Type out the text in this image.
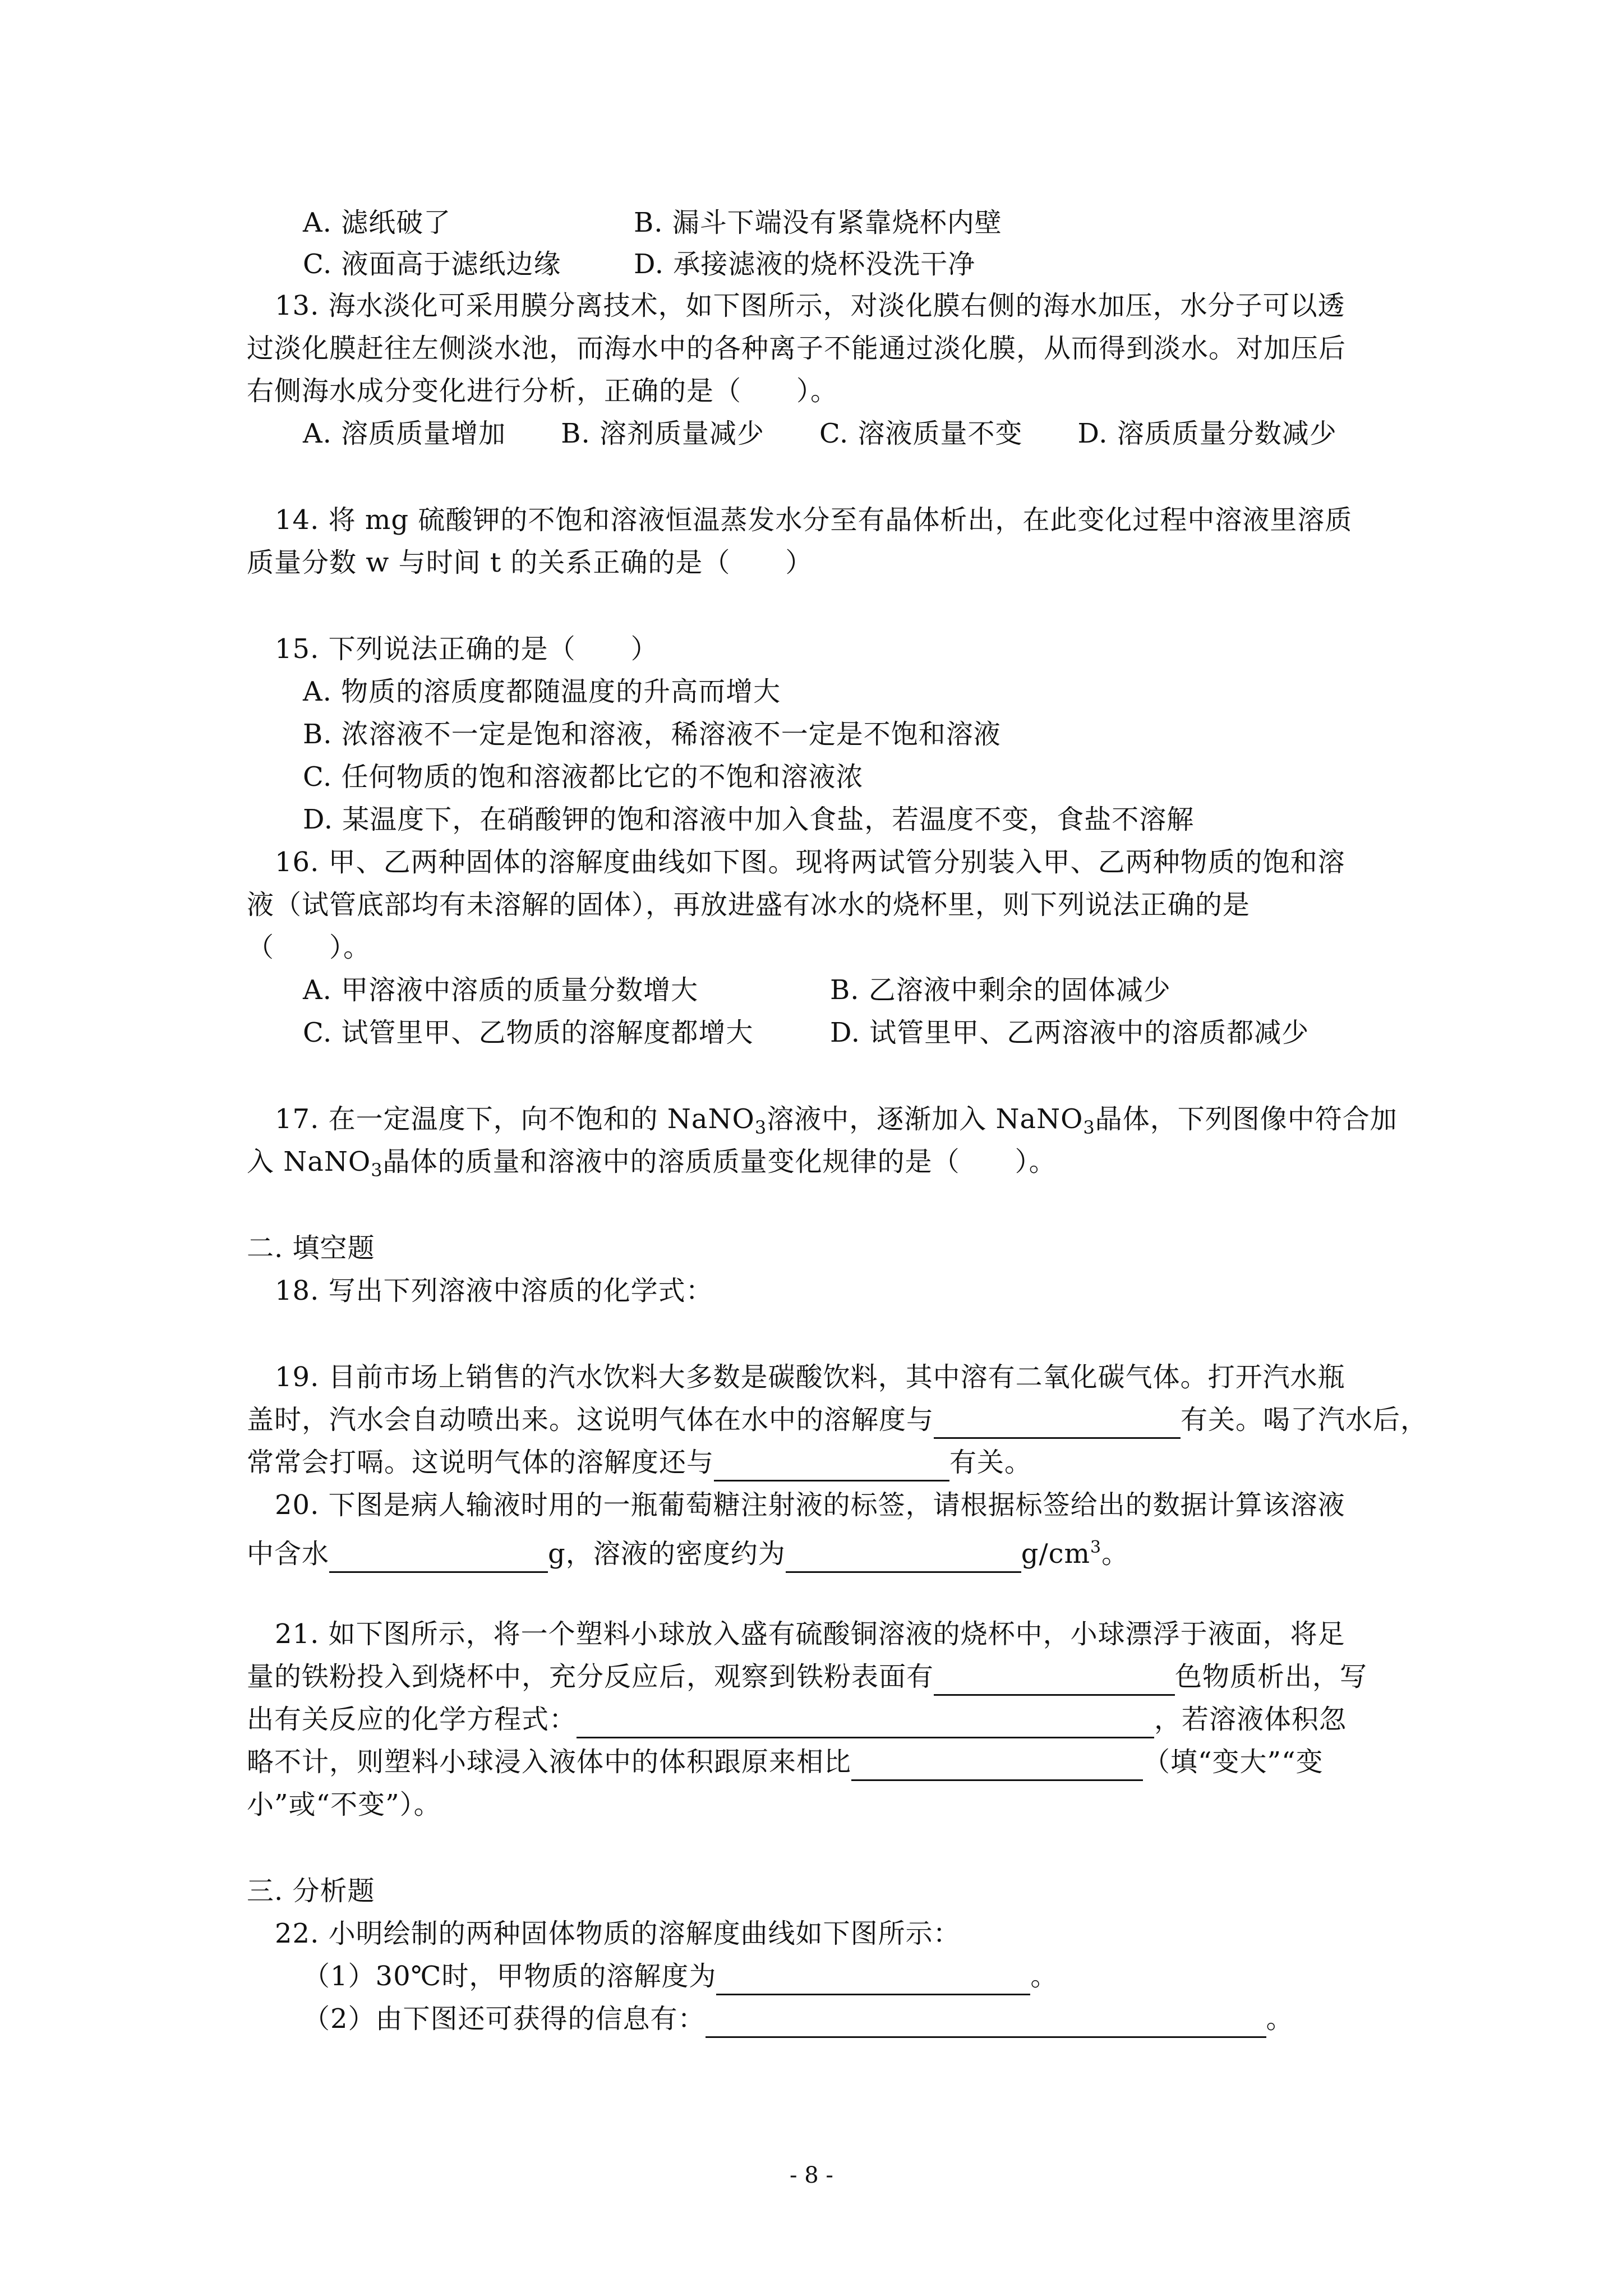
A. 滤纸破了	B. 漏斗下端没有紧靠烧杯内壁
C. 液面高于滤纸边缘	D. 承接滤液的烧杯没洗干净
13. 海水淡化可采用膜分离技术，如下图所示，对淡化膜右侧的海水加压，水分子可以透
过淡化膜赶往左侧淡水池，而海水中的各种离子不能通过淡化膜，从而得到淡水。对加压后
右侧海水成分变化进行分析，正确的是（　　）。
A. 溶质质量增加　　B. 溶剂质量减少　　C. 溶液质量不变　　D. 溶质质量分数减少
14. 将 mg 硫酸钾的不饱和溶液恒温蒸发水分至有晶体析出，在此变化过程中溶液里溶质
质量分数 w 与时间 t 的关系正确的是（　　）
15. 下列说法正确的是（　　）
A. 物质的溶质度都随温度的升高而增大
B. 浓溶液不一定是饱和溶液，稀溶液不一定是不饱和溶液
C. 任何物质的饱和溶液都比它的不饱和溶液浓
D. 某温度下，在硝酸钾的饱和溶液中加入食盐，若温度不变，食盐不溶解
16. 甲、乙两种固体的溶解度曲线如下图。现将两试管分别装入甲、乙两种物质的饱和溶
液（试管底部均有未溶解的固体），再放进盛有冰水的烧杯里，则下列说法正确的是
（　　）。
A. 甲溶液中溶质的质量分数增大	B. 乙溶液中剩余的固体减少
C. 试管里甲、乙物质的溶解度都增大	D. 试管里甲、乙两溶液中的溶质都减少
17. 在一定温度下，向不饱和的 NaNO$_3$溶液中，逐渐加入 NaNO$_3$晶体，下列图像中符合加
入 NaNO$_3$晶体的质量和溶液中的溶质质量变化规律的是（　　）。
二. 填空题
18. 写出下列溶液中溶质的化学式：
19. 目前市场上销售的汽水饮料大多数是碳酸饮料，其中溶有二氧化碳气体。打开汽水瓶
盖时，汽水会自动喷出来。这说明气体在水中的溶解度与	有关。喝了汽水后，
常常会打嗝。这说明气体的溶解度还与	有关。
20. 下图是病人输液时用的一瓶葡萄糖注射液的标签，请根据标签给出的数据计算该溶液
中含水	g，溶液的密度约为	$g/cm^3$。
21. 如下图所示，将一个塑料小球放入盛有硫酸铜溶液的烧杯中，小球漂浮于液面，将足
量的铁粉投入到烧杯中，充分反应后，观察到铁粉表面有	色物质析出，写
出有关反应的化学方程式：	，若溶液体积忽
略不计，则塑料小球浸入液体中的体积跟原来相比	（填“变大”“变
小”或“不变”）。
三. 分析题
22. 小明绘制的两种固体物质的溶解度曲线如下图所示：
（1）30℃时，甲物质的溶解度为	。
（2）由下图还可获得的信息有：	。
- 8 -
